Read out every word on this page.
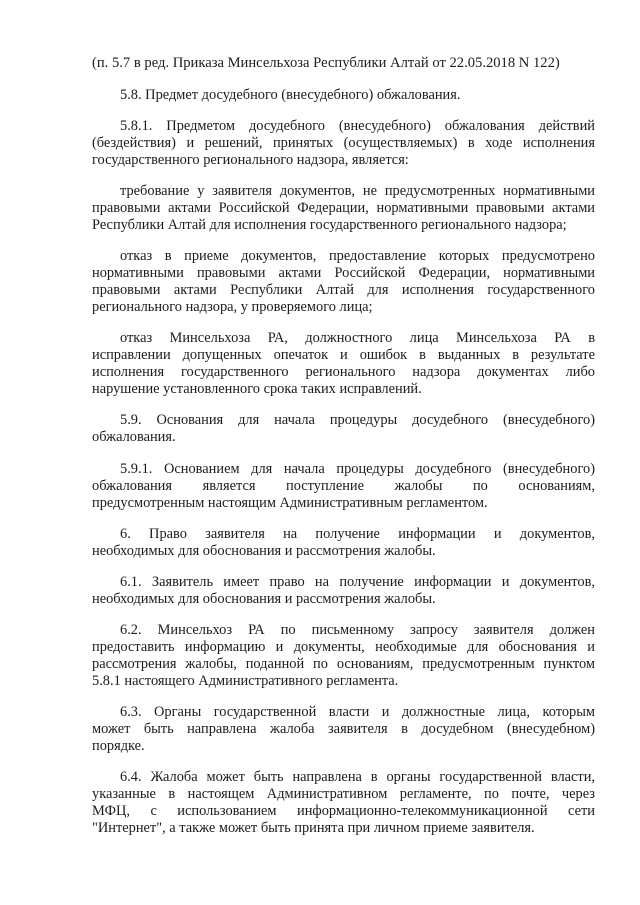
(п. 5.7 в ред. Приказа Минсельхоза Республики Алтай от 22.05.2018 N 122)
5.8. Предмет досудебного (внесудебного) обжалования.
5.8.1. Предметом досудебного (внесудебного) обжалования действий
(бездействия) и решений, принятых (осуществляемых) в ходе исполнения
государственного регионального надзора, является:
требование у заявителя документов, не предусмотренных нормативными
правовыми актами Российской Федерации, нормативными правовыми актами
Республики Алтай для исполнения государственного регионального надзора;
отказ в приеме документов, предоставление которых предусмотрено
нормативными правовыми актами Российской Федерации, нормативными
правовыми актами Республики Алтай для исполнения государственного
регионального надзора, у проверяемого лица;
отказ Минсельхоза РА, должностного лица Минсельхоза РА в
исправлении допущенных опечаток и ошибок в выданных в результате
исполнения государственного регионального надзора документах либо
нарушение установленного срока таких исправлений.
5.9. Основания для начала процедуры досудебного (внесудебного)
обжалования.
5.9.1. Основанием для начала процедуры досудебного (внесудебного)
обжалования является поступление жалобы по основаниям,
предусмотренным настоящим Административным регламентом.
6. Право заявителя на получение информации и документов,
необходимых для обоснования и рассмотрения жалобы.
6.1. Заявитель имеет право на получение информации и документов,
необходимых для обоснования и рассмотрения жалобы.
6.2. Минсельхоз РА по письменному запросу заявителя должен
предоставить информацию и документы, необходимые для обоснования и
рассмотрения жалобы, поданной по основаниям, предусмотренным пунктом
5.8.1 настоящего Административного регламента.
6.3. Органы государственной власти и должностные лица, которым
может быть направлена жалоба заявителя в досудебном (внесудебном)
порядке.
6.4. Жалоба может быть направлена в органы государственной власти,
указанные в настоящем Административном регламенте, по почте, через
МФЦ, с использованием информационно-телекоммуникационной сети
"Интернет", а также может быть принята при личном приеме заявителя.
